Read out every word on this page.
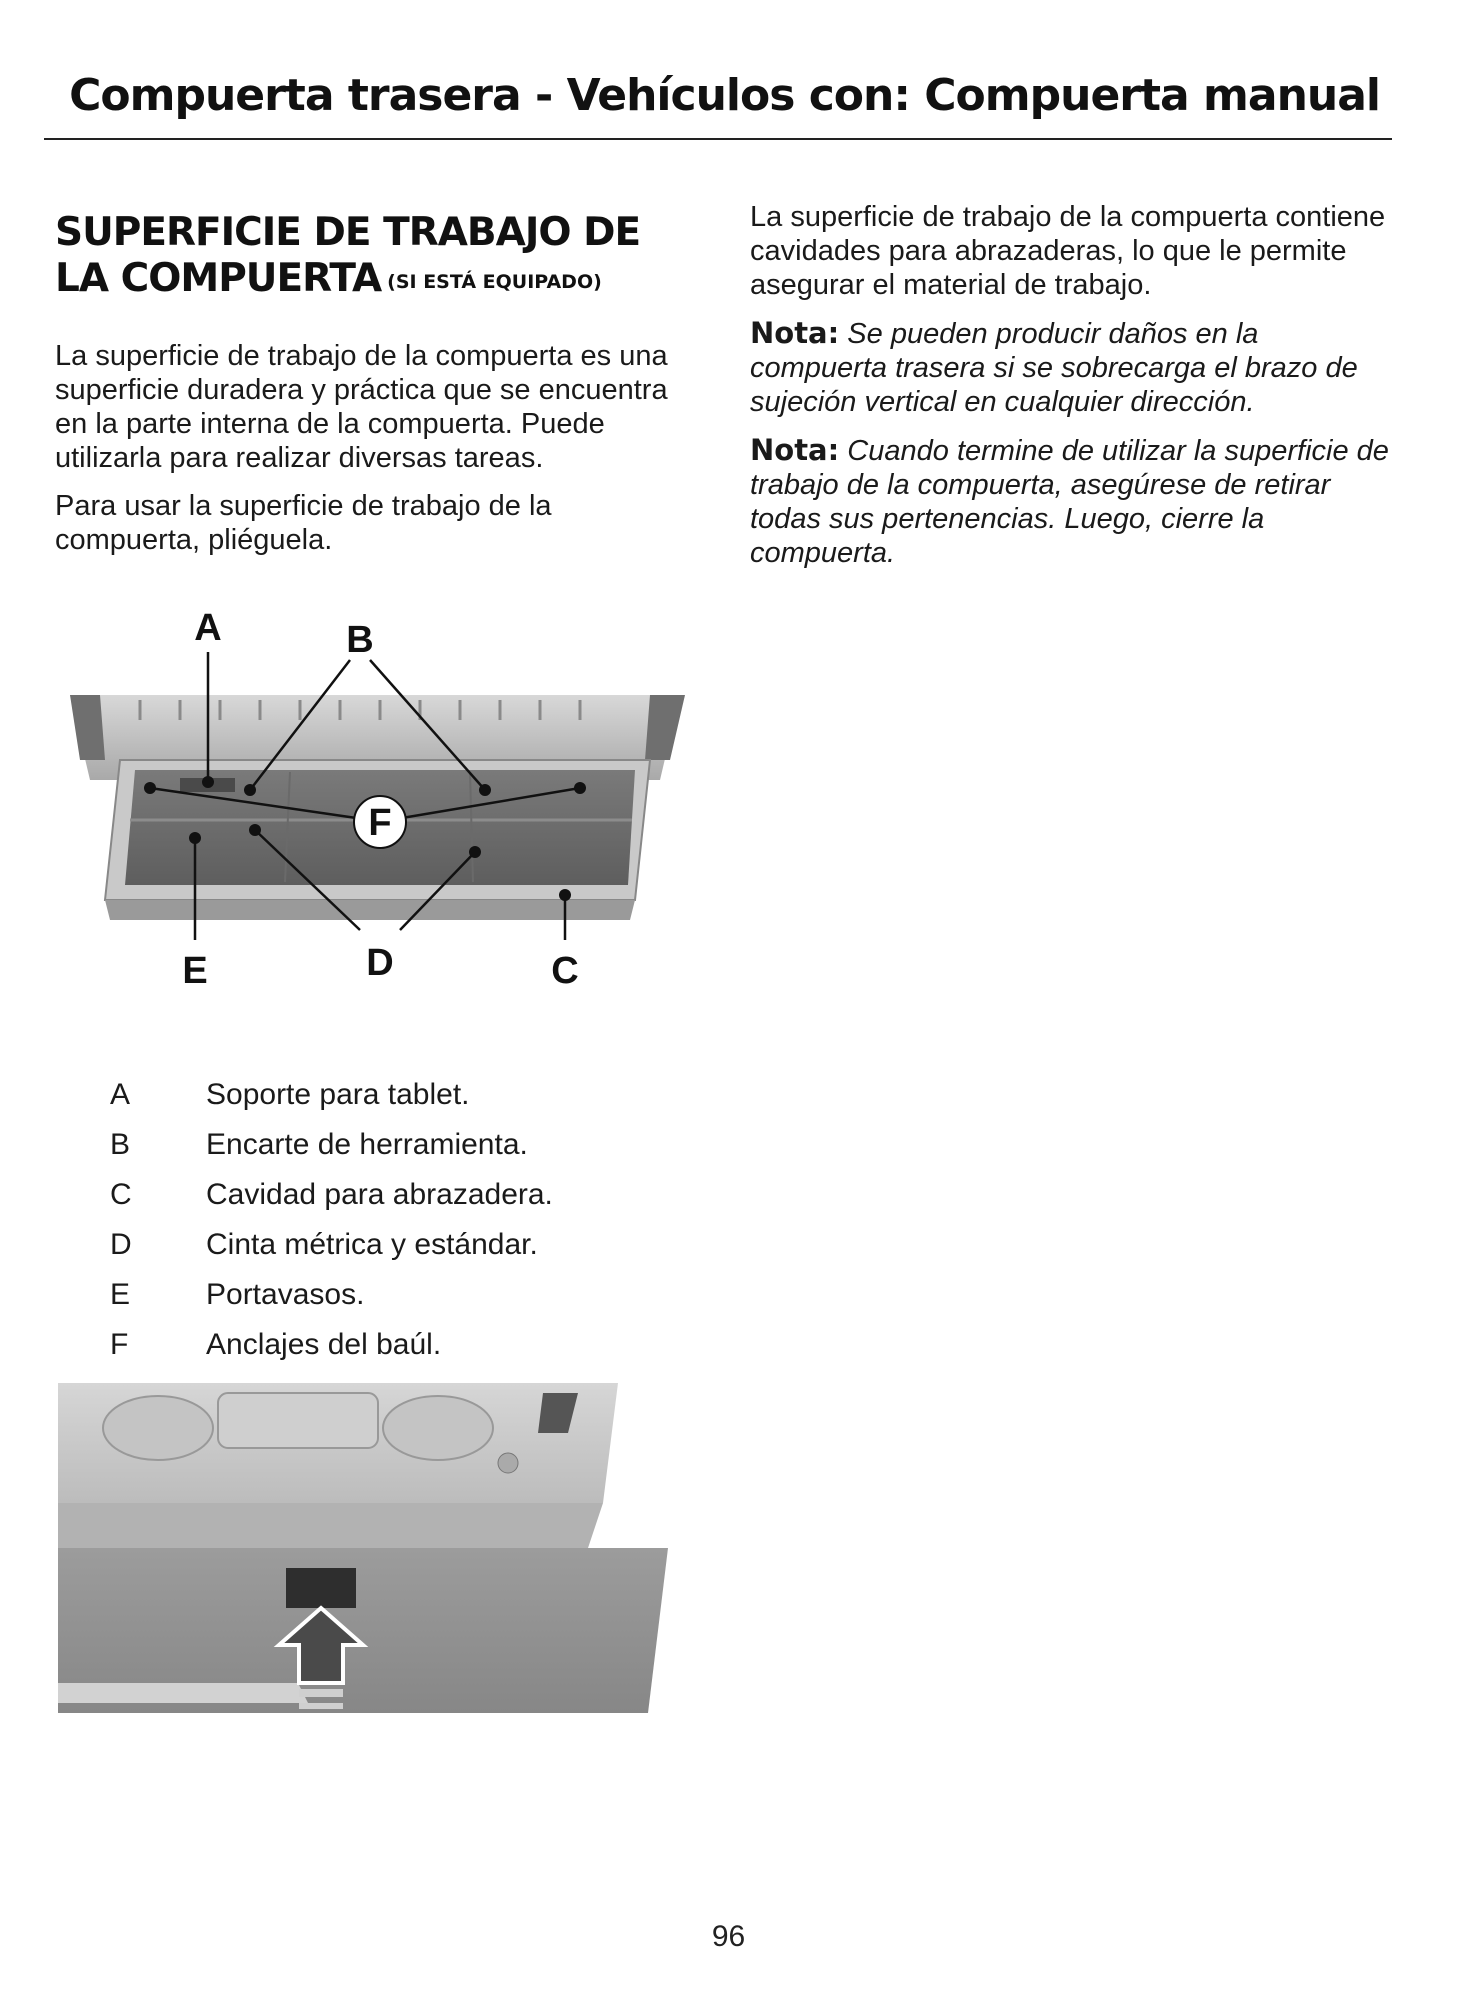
Compuerta trasera - Vehículos con: Compuerta manual
SUPERFICIE DE TRABAJO DE
LA COMPUERTA (SI ESTÁ EQUIPADO)

La superficie de trabajo de la compuerta es una superficie duradera y práctica que se encuentra en la parte interna de la compuerta. Puede utilizarla para realizar diversas tareas.

Para usar la superficie de trabajo de la compuerta, pliéguela.

La superficie de trabajo de la compuerta contiene cavidades para abrazaderas, lo que le permite asegurar el material de trabajo.

Nota: Se pueden producir daños en la compuerta trasera si se sobrecarga el brazo de sujeción vertical en cualquier dirección.

Nota: Cuando termine de utilizar la superficie de trabajo de la compuerta, asegúrese de retirar todas sus pertenencias. Luego, cierre la compuerta.

A	B
F
E	D	C
A	Soporte para tablet.
B	Encarte de herramienta.
C	Cavidad para abrazadera.
D	Cinta métrica y estándar.
E	Portavasos.
F	Anclajes del baúl.
96
